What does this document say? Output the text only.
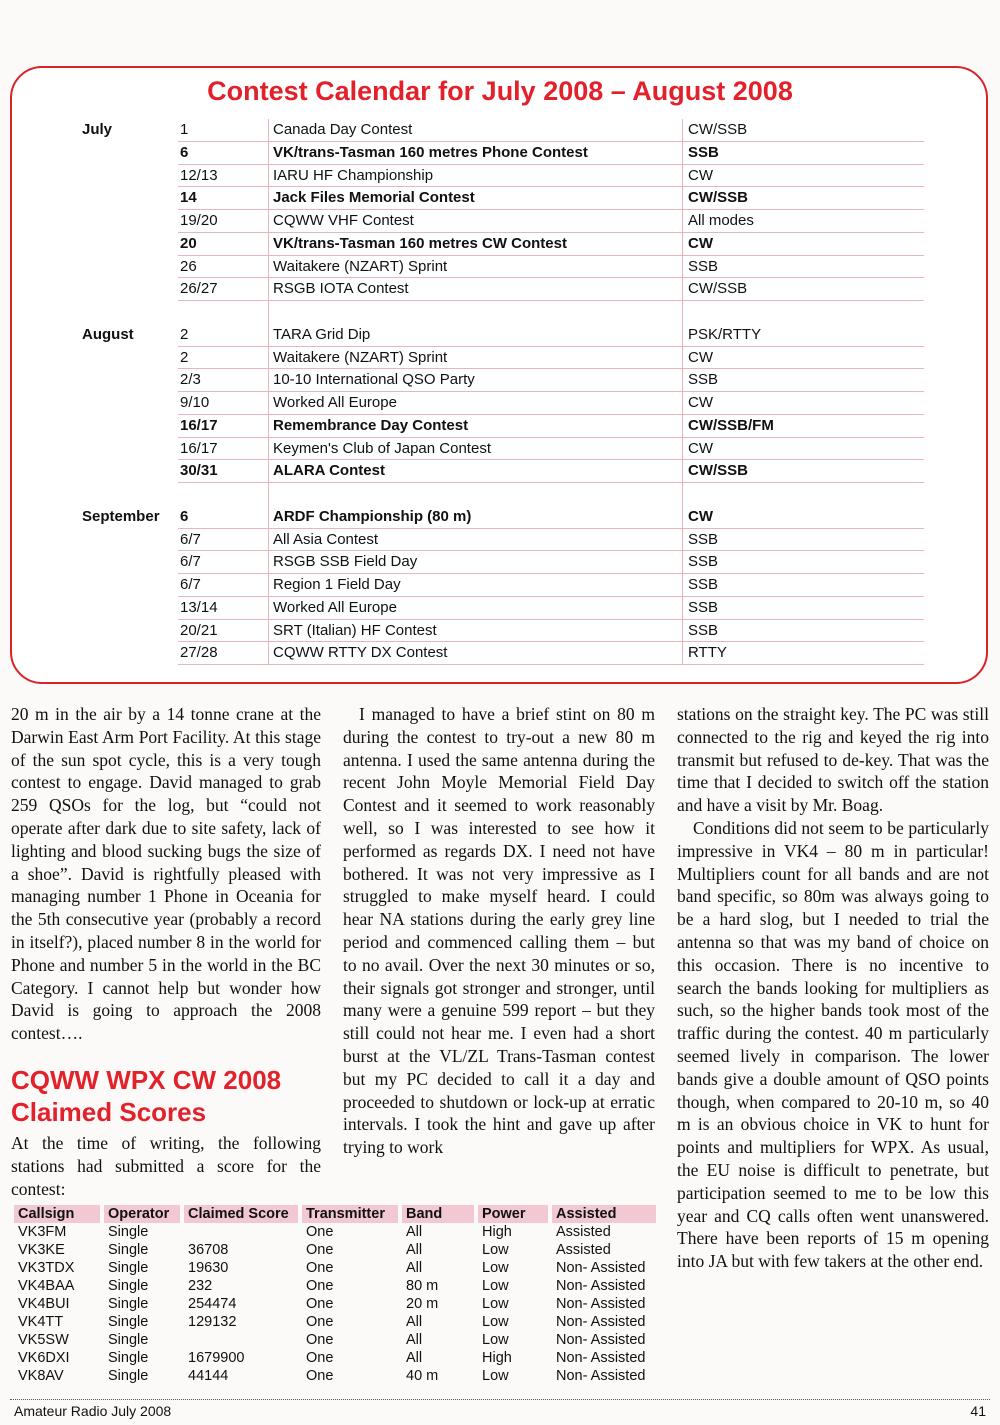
Contest Calendar for July 2008 – August 2008
July	1	Canada Day Contest	CW/SSB
6	VK/trans-Tasman 160 metres Phone Contest	SSB
12/13	IARU HF Championship	CW
14	Jack Files Memorial Contest	CW/SSB
19/20	CQWW VHF Contest	All modes
20	VK/trans-Tasman 160 metres CW Contest	CW
26	Waitakere (NZART) Sprint	SSB
26/27	RSGB IOTA Contest	CW/SSB
August	2	TARA Grid Dip	PSK/RTTY
2	Waitakere (NZART) Sprint	CW
2/3	10-10 International QSO Party	SSB
9/10	Worked All Europe	CW
16/17	Remembrance Day Contest	CW/SSB/FM
16/17	Keymen's Club of Japan Contest	CW
30/31	ALARA Contest	CW/SSB
September 6	ARDF Championship (80 m)	CW
6/7	All Asia Contest	SSB
6/7	RSGB SSB Field Day	SSB
6/7	Region 1 Field Day	SSB
13/14	Worked All Europe	SSB
20/21	SRT (Italian) HF Contest	SSB
27/28	CQWW RTTY DX Contest	RTTY

20 m in the air by a 14 tonne crane at the Darwin East Arm Port Facility. At this stage of the sun spot cycle, this is a very tough contest to engage. David managed to grab 259 QSOs for the log, but “could not operate after dark due to site safety, lack of lighting and blood sucking bugs the size of a shoe”. David is rightfully pleased with managing number 1 Phone in Oceania for the 5th consecutive year (probably a record in itself?), placed number 8 in the world for Phone and number 5 in the world in the BC Category. I cannot help but wonder how David is going to approach the 2008 contest….

CQWW WPX CW 2008
Claimed Scores
At the time of writing, the following stations had submitted a score for the contest:
Callsign	Operator	Claimed Score	Transmitter	Band	Power	Assisted
VK3FM	Single		One	All	High	Assisted
VK3KE	Single	36708	One	All	Low	Assisted
VK3TDX	Single	19630	One	All	Low	Non- Assisted
VK4BAA	Single	232	One	80 m	Low	Non- Assisted
VK4BUI	Single	254474	One	20 m	Low	Non- Assisted
VK4TT	Single	129132	One	All	Low	Non- Assisted
VK5SW	Single		One	All	Low	Non- Assisted
VK6DXI	Single	1679900	One	All	High	Non- Assisted
VK8AV	Single	44144	One	40 m	Low	Non- Assisted

I managed to have a brief stint on 80 m during the contest to try-out a new 80 m antenna. I used the same antenna during the recent John Moyle Memorial Field Day Contest and it seemed to work reasonably well, so I was interested to see how it performed as regards DX. I need not have bothered. It was not very impressive as I struggled to make myself heard. I could hear NA stations during the early grey line period and commenced calling them – but to no avail. Over the next 30 minutes or so, their signals got stronger and stronger, until many were a genuine 599 report – but they still could not hear me. I even had a short burst at the VL/ZL Trans-Tasman contest but my PC decided to call it a day and proceeded to shutdown or lock-up at erratic intervals. I took the hint and gave up after trying to work

stations on the straight key. The PC was still connected to the rig and keyed the rig into transmit but refused to de-key. That was the time that I decided to switch off the station and have a visit by Mr. Boag.

Conditions did not seem to be particularly impressive in VK4 – 80 m in particular! Multipliers count for all bands and are not band specific, so 80m was always going to be a hard slog, but I needed to trial the antenna so that was my band of choice on this occasion. There is no incentive to search the bands looking for multipliers as such, so the higher bands took most of the traffic during the contest. 40 m particularly seemed lively in comparison. The lower bands give a double amount of QSO points though, when compared to 20-10 m, so 40 m is an obvious choice in VK to hunt for points and multipliers for WPX. As usual, the EU noise is difficult to penetrate, but participation seemed to me to be low this year and CQ calls often went unanswered. There have been reports of 15 m opening into JA but with few takers at the other end.

Amateur Radio July 2008	41
